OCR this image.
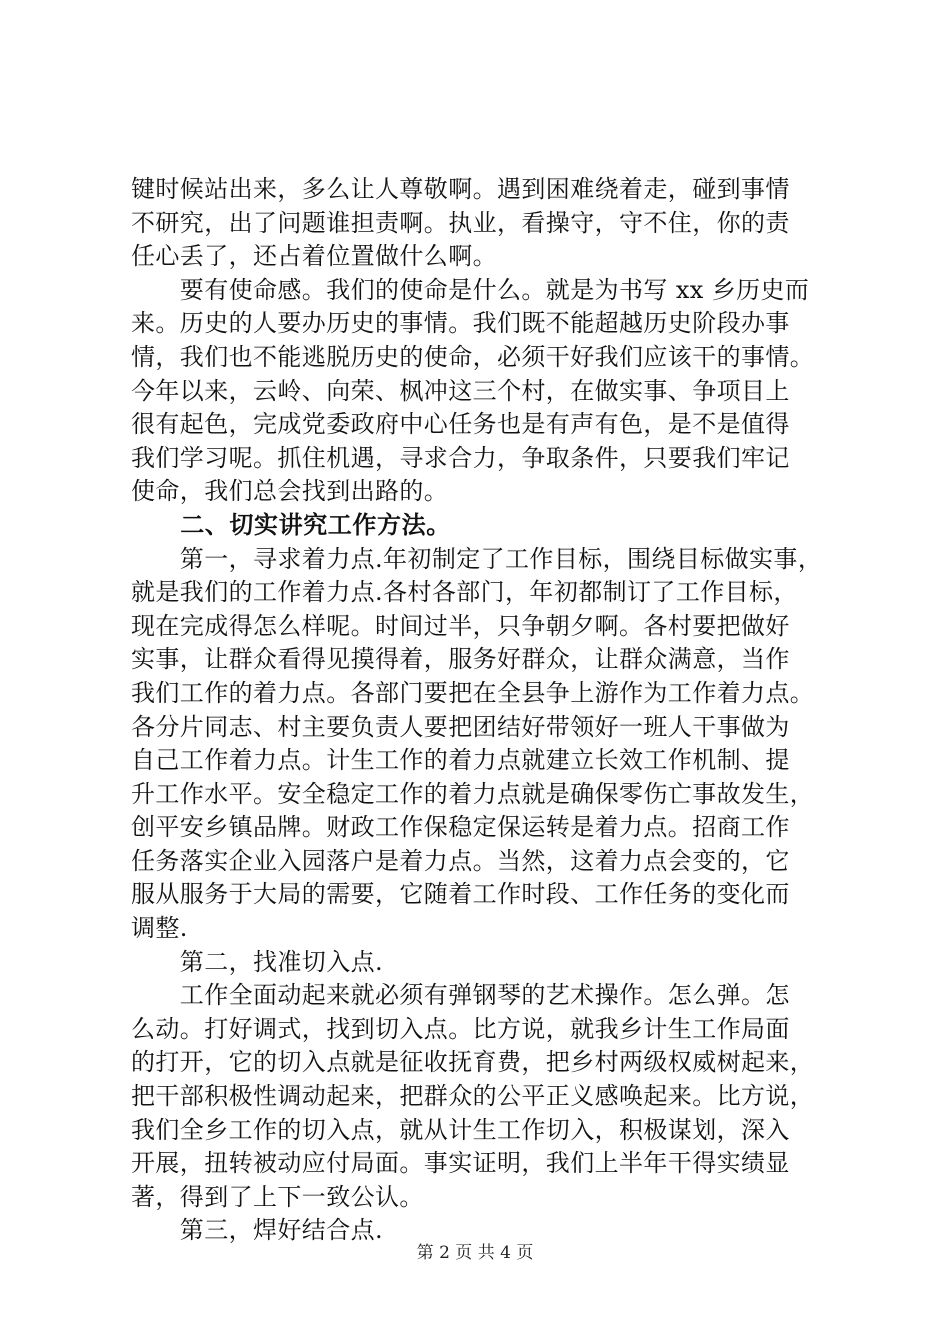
键时候站出来，多么让人尊敬啊。遇到困难绕着走，碰到事情
不研究，出了问题谁担责啊。执业，看操守，守不住，你的责
任心丢了，还占着位置做什么啊。
　　要有使命感。我们的使命是什么。就是为书写 xx 乡历史而
来。历史的人要办历史的事情。我们既不能超越历史阶段办事
情，我们也不能逃脱历史的使命，必须干好我们应该干的事情。
今年以来，云岭、向荣、枫冲这三个村，在做实事、争项目上
很有起色，完成党委政府中心任务也是有声有色，是不是值得
我们学习呢。抓住机遇，寻求合力，争取条件，只要我们牢记
使命，我们总会找到出路的。
　　二、切实讲究工作方法。
　　第一，寻求着力点.年初制定了工作目标，围绕目标做实事，
就是我们的工作着力点.各村各部门，年初都制订了工作目标，
现在完成得怎么样呢。时间过半，只争朝夕啊。各村要把做好
实事，让群众看得见摸得着，服务好群众，让群众满意，当作
我们工作的着力点。各部门要把在全县争上游作为工作着力点。
各分片同志、村主要负责人要把团结好带领好一班人干事做为
自己工作着力点。计生工作的着力点就建立长效工作机制、提
升工作水平。安全稳定工作的着力点就是确保零伤亡事故发生，
创平安乡镇品牌。财政工作保稳定保运转是着力点。招商工作
任务落实企业入园落户是着力点。当然，这着力点会变的，它
服从服务于大局的需要，它随着工作时段、工作任务的变化而
调整.
　　第二，找准切入点.
　　工作全面动起来就必须有弹钢琴的艺术操作。怎么弹。怎
么动。打好调式，找到切入点。比方说，就我乡计生工作局面
的打开，它的切入点就是征收抚育费，把乡村两级权威树起来，
把干部积极性调动起来，把群众的公平正义感唤起来。比方说，
我们全乡工作的切入点，就从计生工作切入，积极谋划，深入
开展，扭转被动应付局面。事实证明，我们上半年干得实绩显
著，得到了上下一致公认。
　　第三，焊好结合点.
第 2 页 共 4 页
